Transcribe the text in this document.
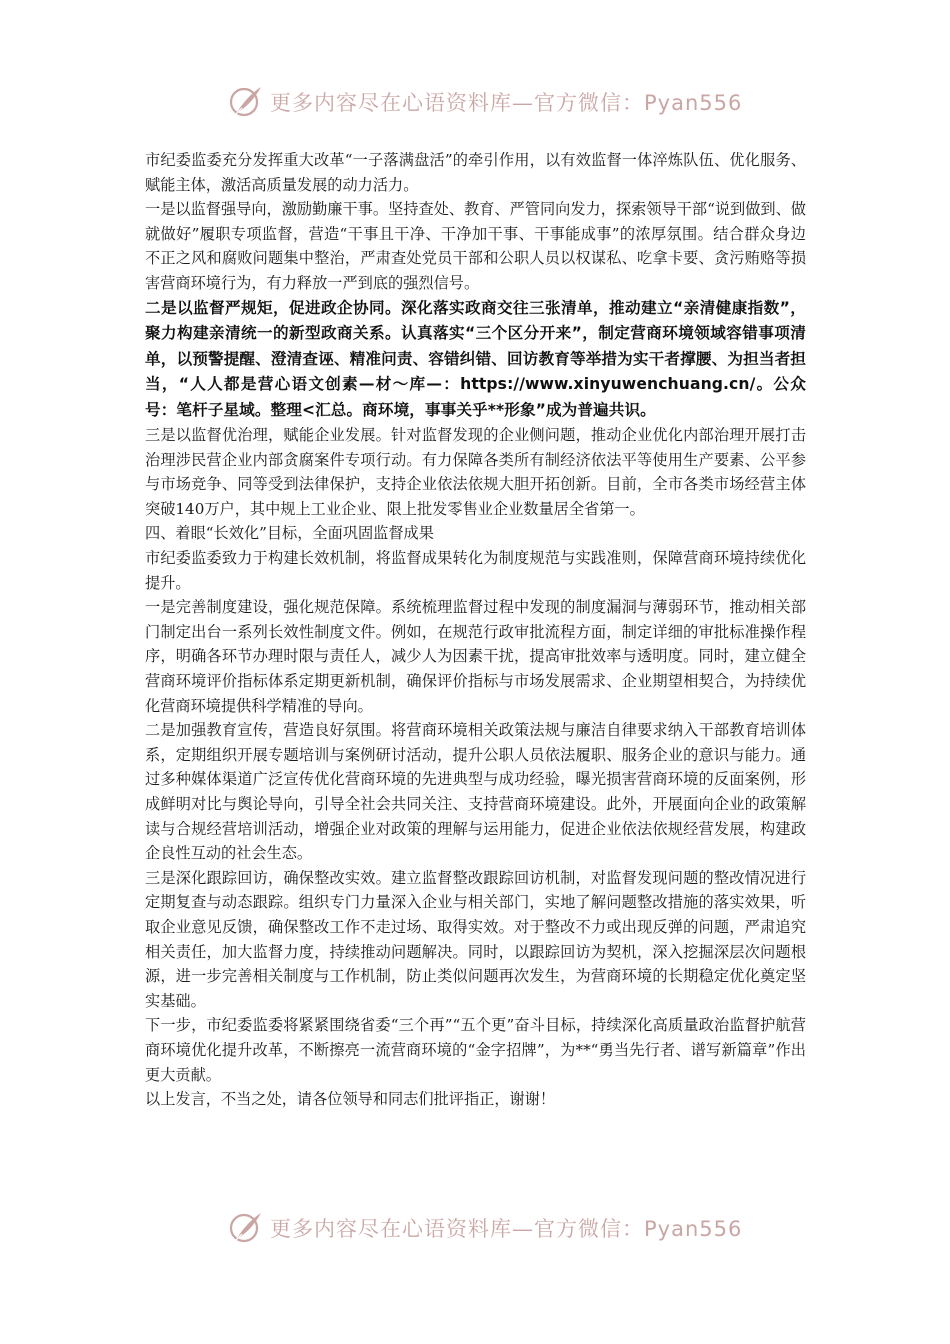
更多内容尽在心语资料库—官方微信：Pyan556

市纪委监委充分发挥重大改革“一子落满盘活”的牵引作用，以有效监督一体淬炼队伍、优化服务、赋能主体，激活高质量发展的动力活力。

一是以监督强导向，激励勤廉干事。坚持查处、教育、严管同向发力，探索领导干部“说到做到、做就做好”履职专项监督，营造“干事且干净、干净加干事、干事能成事”的浓厚氛围。结合群众身边不正之风和腐败问题集中整治，严肃查处党员干部和公职人员以权谋私、吃拿卡要、贪污贿赂等损害营商环境行为，有力释放一严到底的强烈信号。

二是以监督严规矩，促进政企协同。深化落实政商交往三张清单，推动建立“亲清健康指数”，聚力构建亲清统一的新型政商关系。认真落实“三个区分开来”，制定营商环境领域容错事项清单，以预警提醒、澄清查诬、精准问责、容错纠错、回访教育等举措为实干者撑腰、为担当者担当，“人人都是营心语文创素—材～库—：https://www.xinyuwenchuang.cn/。公众号：笔杆子星域。整理<汇总。商环境，事事关乎**形象”成为普遍共识。

三是以监督优治理，赋能企业发展。针对监督发现的企业侧问题，推动企业优化内部治理开展打击治理涉民营企业内部贪腐案件专项行动。有力保障各类所有制经济依法平等使用生产要素、公平参与市场竞争、同等受到法律保护，支持企业依法依规大胆开拓创新。目前，全市各类市场经营主体突破140万户，其中规上工业企业、限上批发零售业企业数量居全省第一。

四、着眼“长效化”目标，全面巩固监督成果

市纪委监委致力于构建长效机制，将监督成果转化为制度规范与实践准则，保障营商环境持续优化提升。

一是完善制度建设，强化规范保障。系统梳理监督过程中发现的制度漏洞与薄弱环节，推动相关部门制定出台一系列长效性制度文件。例如，在规范行政审批流程方面，制定详细的审批标准操作程序，明确各环节办理时限与责任人，减少人为因素干扰，提高审批效率与透明度。同时，建立健全营商环境评价指标体系定期更新机制，确保评价指标与市场发展需求、企业期望相契合，为持续优化营商环境提供科学精准的导向。

二是加强教育宣传，营造良好氛围。将营商环境相关政策法规与廉洁自律要求纳入干部教育培训体系，定期组织开展专题培训与案例研讨活动，提升公职人员依法履职、服务企业的意识与能力。通过多种媒体渠道广泛宣传优化营商环境的先进典型与成功经验，曝光损害营商环境的反面案例，形成鲜明对比与舆论导向，引导全社会共同关注、支持营商环境建设。此外，开展面向企业的政策解读与合规经营培训活动，增强企业对政策的理解与运用能力，促进企业依法依规经营发展，构建政企良性互动的社会生态。

三是深化跟踪回访，确保整改实效。建立监督整改跟踪回访机制，对监督发现问题的整改情况进行定期复查与动态跟踪。组织专门力量深入企业与相关部门，实地了解问题整改措施的落实效果，听取企业意见反馈，确保整改工作不走过场、取得实效。对于整改不力或出现反弹的问题，严肃追究相关责任，加大监督力度，持续推动问题解决。同时，以跟踪回访为契机，深入挖掘深层次问题根源，进一步完善相关制度与工作机制，防止类似问题再次发生，为营商环境的长期稳定优化奠定坚实基础。

下一步，市纪委监委将紧紧围绕省委“三个再”“五个更”奋斗目标，持续深化高质量政治监督护航营商环境优化提升改革，不断擦亮一流营商环境的“金字招牌”，为**“勇当先行者、谱写新篇章”作出更大贡献。

以上发言，不当之处，请各位领导和同志们批评指正，谢谢！

更多内容尽在心语资料库—官方微信：Pyan556
